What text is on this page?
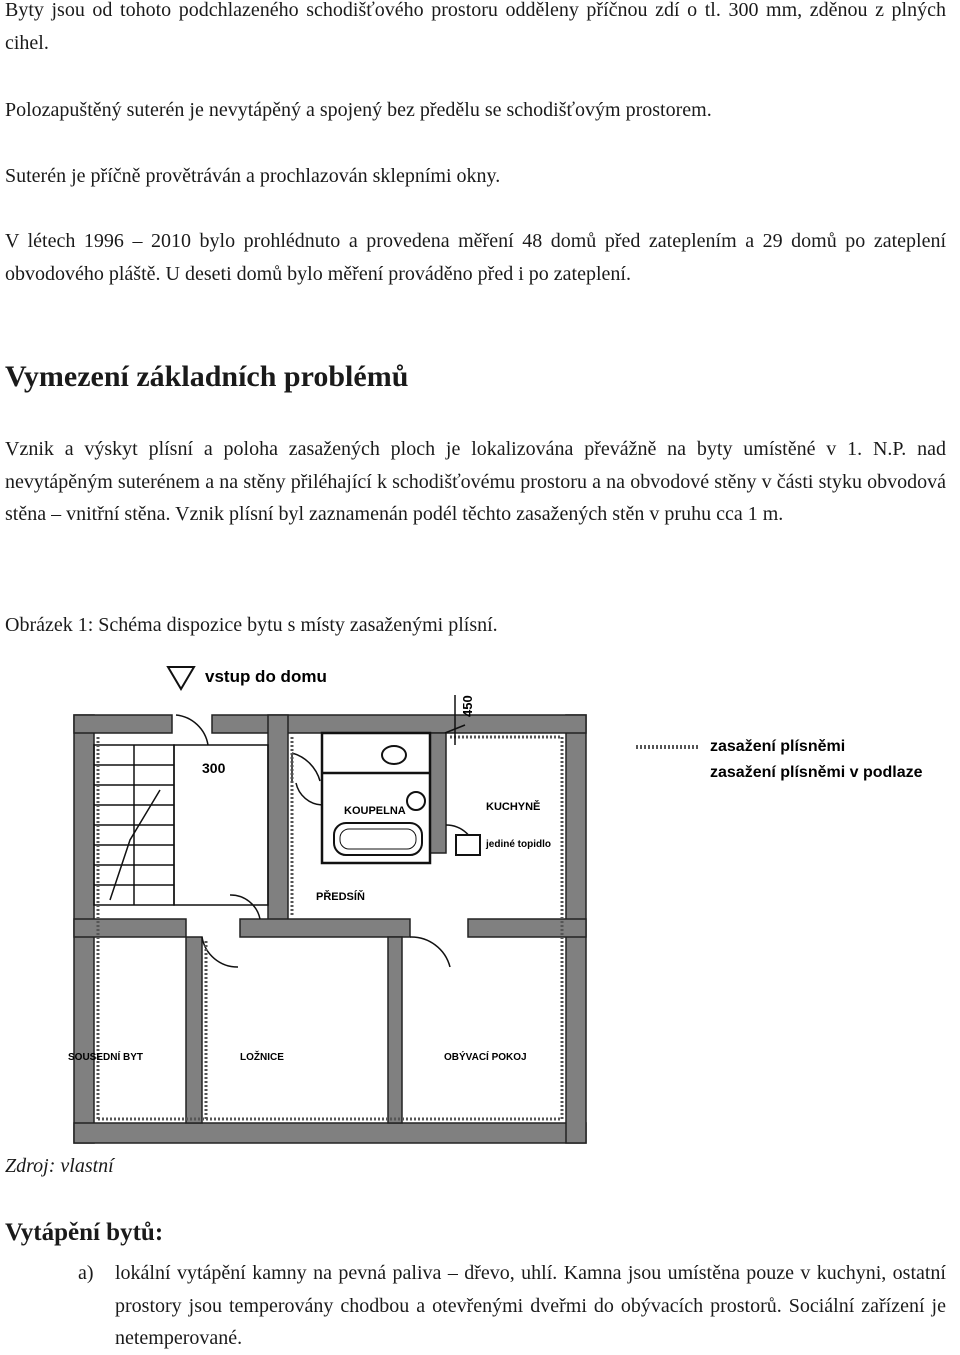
Byty jsou od tohoto podchlazeného schodišťového prostoru odděleny příčnou zdí o tl. 300 mm, zděnou z plných cihel.

Polozapuštěný suterén je nevytápěný a spojený bez předělu se schodišťovým prostorem.

Suterén je příčně provětráván a prochlazován sklepními okny.

V létech 1996 – 2010 bylo prohlédnuto a provedena měření 48 domů před zateplením a 29 domů po zateplení obvodového pláště. U deseti domů bylo měření prováděno před i po zateplení.

Vymezení základních problémů

Vznik a výskyt plísní a poloha zasažených ploch je lokalizována převážně na byty umístěné v 1. N.P. nad nevytápěným suterénem a na stěny přiléhající k schodišťovému prostoru a na obvodové stěny v části styku obvodová stěna – vnitřní stěna. Vznik plísní byl zaznamenán podél těchto zasažených stěn v pruhu cca 1 m.

Obrázek 1: Schéma dispozice bytu s místy zasaženými plísní.

vstup do domu
450
300
KOUPELNA	KUCHYNĚ
jediné topidlo
PŘEDSÍŇ
SOUSEDNÍ BYT	LOŽNICE	OBÝVACÍ POKOJ
zasažení plísněmi
zasažení plísněmi v podlaze

Zdroj: vlastní

Vytápění bytů:
a) lokální vytápění kamny na pevná paliva – dřevo, uhlí. Kamna jsou umístěna pouze v kuchyni, ostatní prostory jsou temperovány chodbou a otevřenými dveřmi do obývacích prostorů. Sociální zařízení je netemperované.
